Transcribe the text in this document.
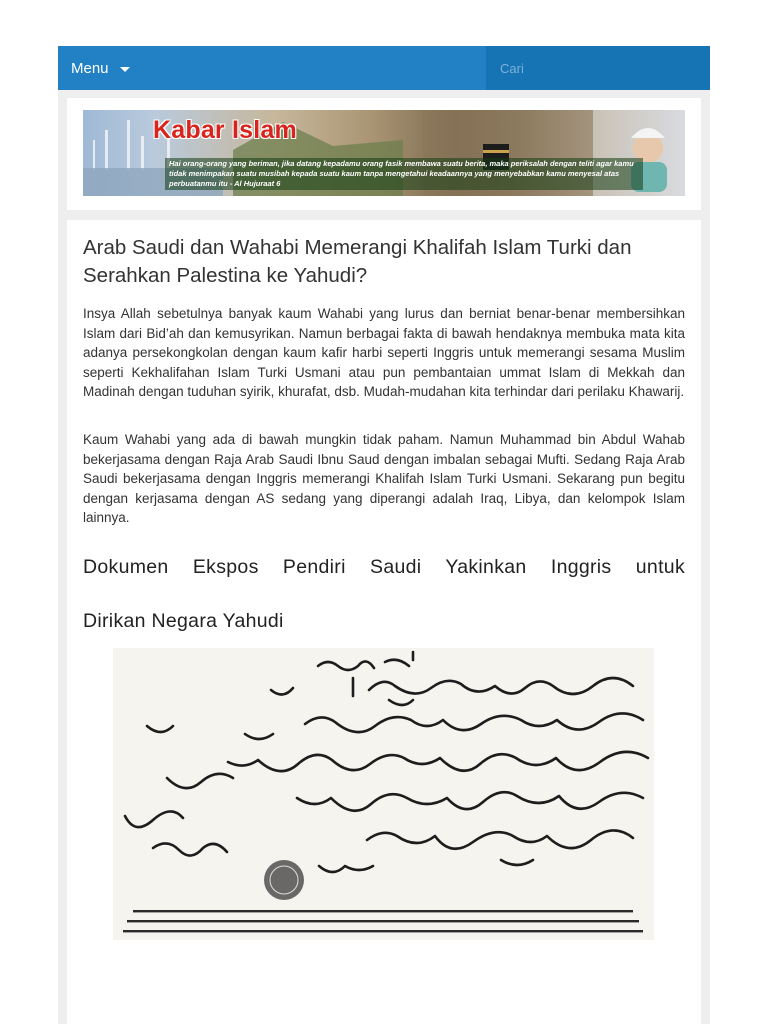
Menu
Cari
Kabar Islam
Hai orang-orang yang beriman, jika datang kepadamu orang fasik membawa suatu berita, maka periksalah dengan teliti agar kamu tidak menimpakan suatu musibah kepada suatu kaum tanpa mengetahui keadaannya yang menyebabkan kamu menyesal atas perbuatanmu itu - Al Hujuraat 6
Arab Saudi dan Wahabi Memerangi Khalifah Islam Turki dan Serahkan Palestina ke Yahudi?

Insya Allah sebetulnya banyak kaum Wahabi yang lurus dan berniat benar-benar membersihkan Islam dari Bid’ah dan kemusyrikan. Namun berbagai fakta di bawah hendaknya membuka mata kita adanya persekongkolan dengan kaum kafir harbi seperti Inggris untuk memerangi sesama Muslim seperti Kekhalifahan Islam Turki Usmani atau pun pembantaian ummat Islam di Mekkah dan Madinah dengan tuduhan syirik, khurafat, dsb. Mudah-mudahan kita terhindar dari perilaku Khawarij.

Kaum Wahabi yang ada di bawah mungkin tidak paham. Namun Muhammad bin Abdul Wahab bekerjasama dengan Raja Arab Saudi Ibnu Saud dengan imbalan sebagai Mufti. Sedang Raja Arab Saudi bekerjasama dengan Inggris memerangi Khalifah Islam Turki Usmani. Sekarang pun begitu dengan kerjasama dengan AS sedang yang diperangi adalah Iraq, Libya, dan kelompok Islam lainnya.

Dokumen Ekspos Pendiri Saudi Yakinkan Inggris untuk
Dirikan Negara Yahudi
